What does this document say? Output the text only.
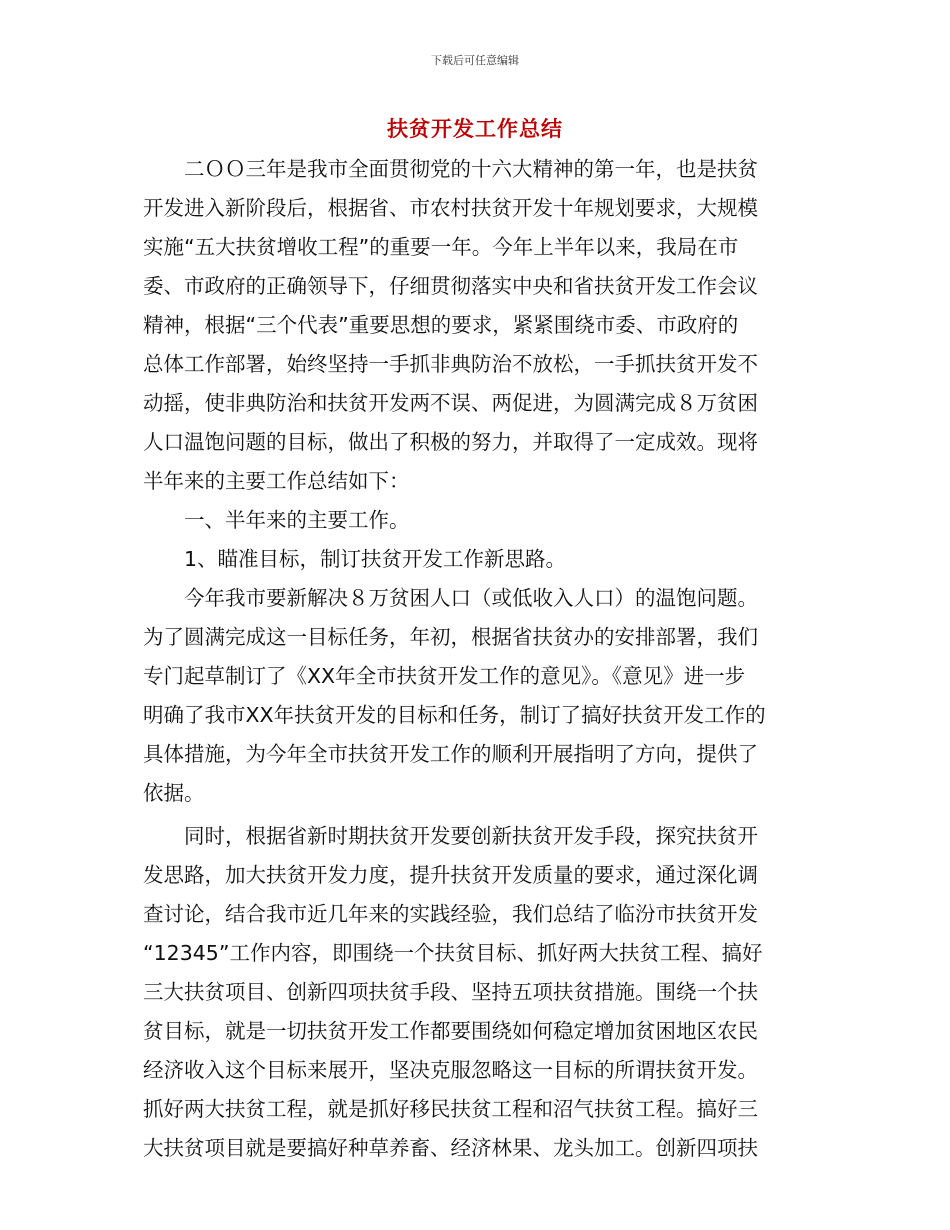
下载后可任意编辑
扶贫开发工作总结
　　二ＯＯ三年是我市全面贯彻党的十六大精神的第一年，也是扶贫
开发进入新阶段后，根据省、市农村扶贫开发十年规划要求，大规模
实施“五大扶贫增收工程”的重要一年。今年上半年以来，我局在市
委、市政府的正确领导下，仔细贯彻落实中央和省扶贫开发工作会议
精神，根据“三个代表”重要思想的要求，紧紧围绕市委、市政府的
总体工作部署，始终坚持一手抓非典防治不放松，一手抓扶贫开发不
动摇，使非典防治和扶贫开发两不误、两促进，为圆满完成８万贫困
人口温饱问题的目标，做出了积极的努力，并取得了一定成效。现将
半年来的主要工作总结如下：
　　一、半年来的主要工作。
　　1、瞄准目标，制订扶贫开发工作新思路。
　　今年我市要新解决８万贫困人口（或低收入人口）的温饱问题。
为了圆满完成这一目标任务，年初，根据省扶贫办的安排部署，我们
专门起草制订了《XX年全市扶贫开发工作的意见》。《意见》进一步
明确了我市XX年扶贫开发的目标和任务，制订了搞好扶贫开发工作的
具体措施，为今年全市扶贫开发工作的顺利开展指明了方向，提供了
依据。
　　同时，根据省新时期扶贫开发要创新扶贫开发手段，探究扶贫开
发思路，加大扶贫开发力度，提升扶贫开发质量的要求，通过深化调
查讨论，结合我市近几年来的实践经验，我们总结了临汾市扶贫开发
“12345”工作内容，即围绕一个扶贫目标、抓好两大扶贫工程、搞好
三大扶贫项目、创新四项扶贫手段、坚持五项扶贫措施。围绕一个扶
贫目标，就是一切扶贫开发工作都要围绕如何稳定增加贫困地区农民
经济收入这个目标来展开，坚决克服忽略这一目标的所谓扶贫开发。
抓好两大扶贫工程，就是抓好移民扶贫工程和沼气扶贫工程。搞好三
大扶贫项目就是要搞好种草养畜、经济林果、龙头加工。创新四项扶
